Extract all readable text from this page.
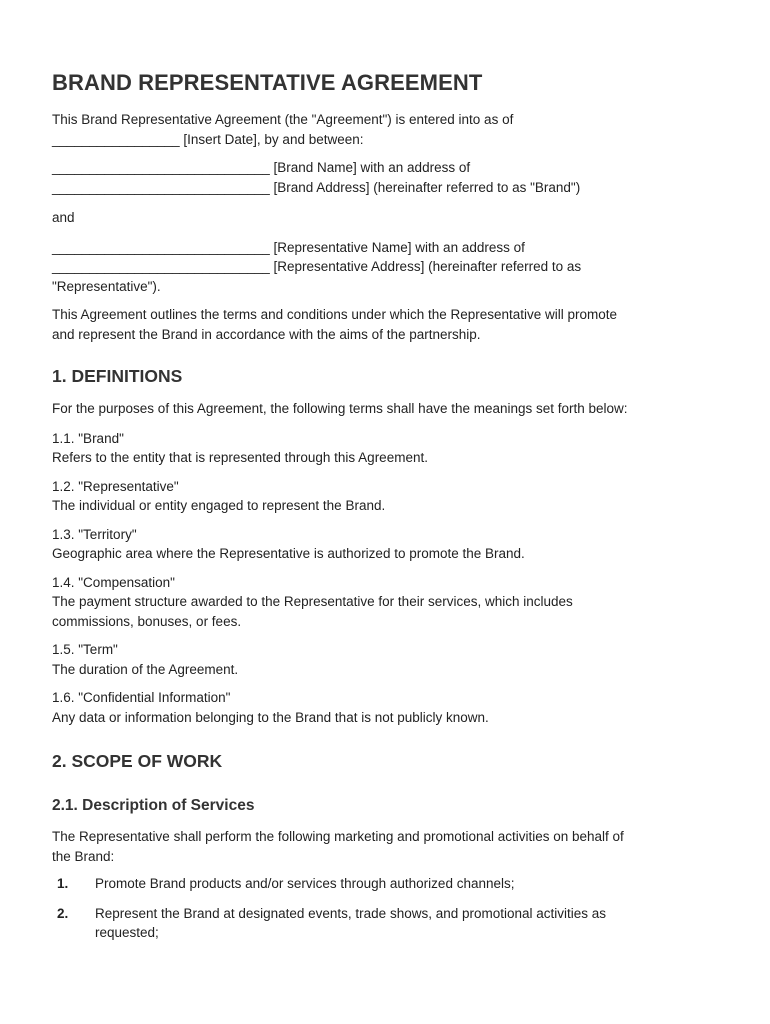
BRAND REPRESENTATIVE AGREEMENT

This Brand Representative Agreement (the "Agreement") is entered into as of
_________________ [Insert Date], by and between:

_____________________________ [Brand Name] with an address of
_____________________________ [Brand Address] (hereinafter referred to as "Brand")

and

_____________________________ [Representative Name] with an address of
_____________________________ [Representative Address] (hereinafter referred to as
"Representative").

This Agreement outlines the terms and conditions under which the Representative will promote
and represent the Brand in accordance with the aims of the partnership.

1. DEFINITIONS

For the purposes of this Agreement, the following terms shall have the meanings set forth below:

1.1. "Brand"
Refers to the entity that is represented through this Agreement.

1.2. "Representative"
The individual or entity engaged to represent the Brand.

1.3. "Territory"
Geographic area where the Representative is authorized to promote the Brand.

1.4. "Compensation"
The payment structure awarded to the Representative for their services, which includes
commissions, bonuses, or fees.

1.5. "Term"
The duration of the Agreement.

1.6. "Confidential Information"
Any data or information belonging to the Brand that is not publicly known.

2. SCOPE OF WORK
2.1. Description of Services

The Representative shall perform the following marketing and promotional activities on behalf of
the Brand:

1.	Promote Brand products and/or services through authorized channels;
2.	Represent the Brand at designated events, trade shows, and promotional activities as
requested;
